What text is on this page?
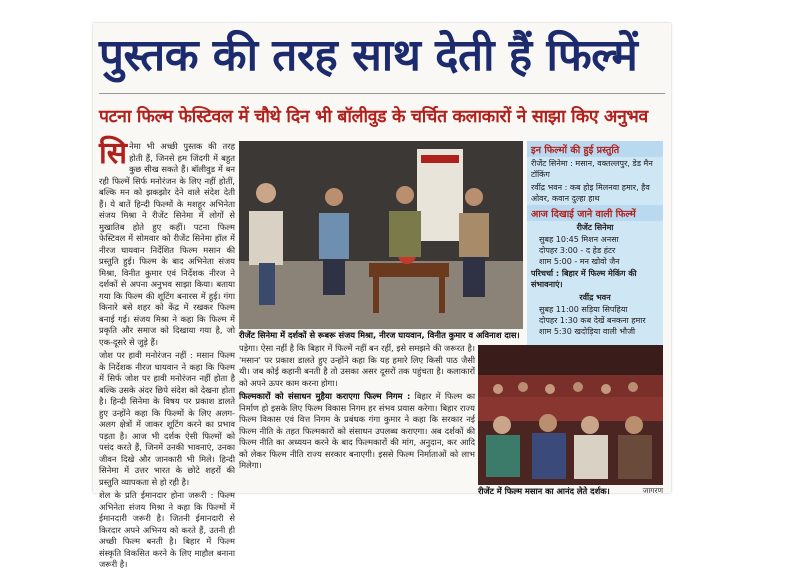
पुस्तक की तरह साथ देती हैं फिल्में
पटना फिल्म फेस्टिवल में चौथे दिन भी बॉलीवुड के चर्चित कलाकारों ने साझा किए अनुभव
सि नेमा भी अच्छी पुस्तक की तरह होती हैं, जिनसे हम जिंदगी में बहुत कुछ सीख सकते हैं। बॉलीवुड में बन रही फिल्में सिर्फ मनोरंजन के लिए नहीं होतीं, बल्कि मन को झकझोर देने वाले संदेश देती हैं। ये बातें हिन्दी फिल्मों के मशहूर अभिनेता संजय मिश्रा ने रीजेंट सिनेमा में लोगों से मुखातिब होते हुए कहीं। पटना फिल्म फेस्टिवल में सोमवार को रीजेंट सिनेमा हॉल में नीरज घायवान निर्देशित फिल्म मसान की प्रस्तुति हुई। फिल्म के बाद अभिनेता संजय मिश्रा, विनीत कुमार एवं निर्देशक नीरज ने दर्शकों से अपना अनुभव साझा किया। बताया गया कि फिल्म की शूटिंग बनारस में हुई। गंगा किनारे बसे शहर को केंद्र में रखकर फिल्म बनाई गई। संजय मिश्रा ने कहा कि फिल्म में प्रकृति और समाज को दिखाया गया है, जो एक-दूसरे से जुड़े हैं।

जोश पर हावी मनोरंजन नहीं : मसान फिल्म के निर्देशक नीरज घायवान ने कहा कि फिल्म में सिर्फ जोश पर हावी मनोरंजन नहीं होता है बल्कि उसके अंदर छिपे संदेश को देखना होता है। हिन्दी सिनेमा के विषय पर प्रकाश डालते हुए उन्होंने कहा कि फिल्मों के लिए अलग-अलग क्षेत्रों में जाकर शूटिंग करने का प्रभाव पड़ता है। आज भी दर्शक ऐसी फिल्मों को पसंद करते हैं, जिनमें उनकी भावनाएं, उनका जीवन दिखे और जानकारी भी मिले। हिन्दी सिनेमा में उत्तर भारत के छोटे शहरों की प्रस्तुति व्यापकता से हो रही है।

शेल के प्रति ईमानदार होना जरूरी : फिल्म अभिनेता संजय मिश्रा ने कहा कि फिल्मों में ईमानदारी जरूरी है। जितनी ईमानदारी से किरदार अपने अभिनय को करते हैं, उतनी ही अच्छी फिल्म बनती है। बिहार में फिल्म संस्कृति विकसित करने के लिए माहौल बनाना जरूरी है।

रीजेंट सिनेमा में दर्शकों से रूबरू संजय मिश्रा, नीरज घायवान, विनीत कुमार व अविनाश दास।
इन फिल्मों की हुई प्रस्तुति
रीजेंट सिनेमा : मसान, वक्तल्लपुर, डेड मैन टॉकिंग
रवींद्र भवन : कब होइ मिलनवा हमार, हैव ओवर, कवान दुल्हा हाथ
आज दिखाई जाने वाली फिल्में
रीजेंट सिनेमा
सुबह 10:45 मिशन अनसा
दोपहर 3:00 - द हेड हंटर
शाम 5:00 - मन खोवो जैन
परिचर्चा : बिहार में फिल्म मेकिंग की संभावनाएं।
रवींद्र भवन
सुबह 11:00 सड़िया सिपहिया
दोपहर 1:30 कब देखें बनकना हमार
शाम 5:30 खदोड़िया वाली भौजी

पड़ेगा। ऐसा नहीं है कि बिहार में फिल्में नहीं बन रहीं, इसे समझने की जरूरत है। 'मसान' पर प्रकाश डालते हुए उन्होंने कहा कि यह हमारे लिए किसी पाठ जैसी थी। जब कोई कहानी बनती है तो उसका असर दूसरों तक पहुंचता है। कलाकारों को अपने ऊपर काम करना होगा।

फिल्मकारों को संसाधन मुहैया कराएगा फिल्म निगम : बिहार में फिल्म का निर्माण हो इसके लिए फिल्म विकास निगम हर संभव प्रयास करेगा। बिहार राज्य फिल्म विकास एवं वित्त निगम के प्रबंधक गंगा कुमार ने कहा कि सरकार नई फिल्म नीति के तहत फिल्मकारों को संसाधन उपलब्ध कराएगा। अब दर्शकों की फिल्म नीति का अध्ययन करने के बाद फिल्मकारों की मांग, अनुदान, कर आदि को लेकर फिल्म नीति राज्य सरकार बनाएगी। इससे फिल्म निर्माताओं को लाभ मिलेगा।

रीजेंट में फिल्म मसान का आनंद लेते दर्शक।	जागरण
